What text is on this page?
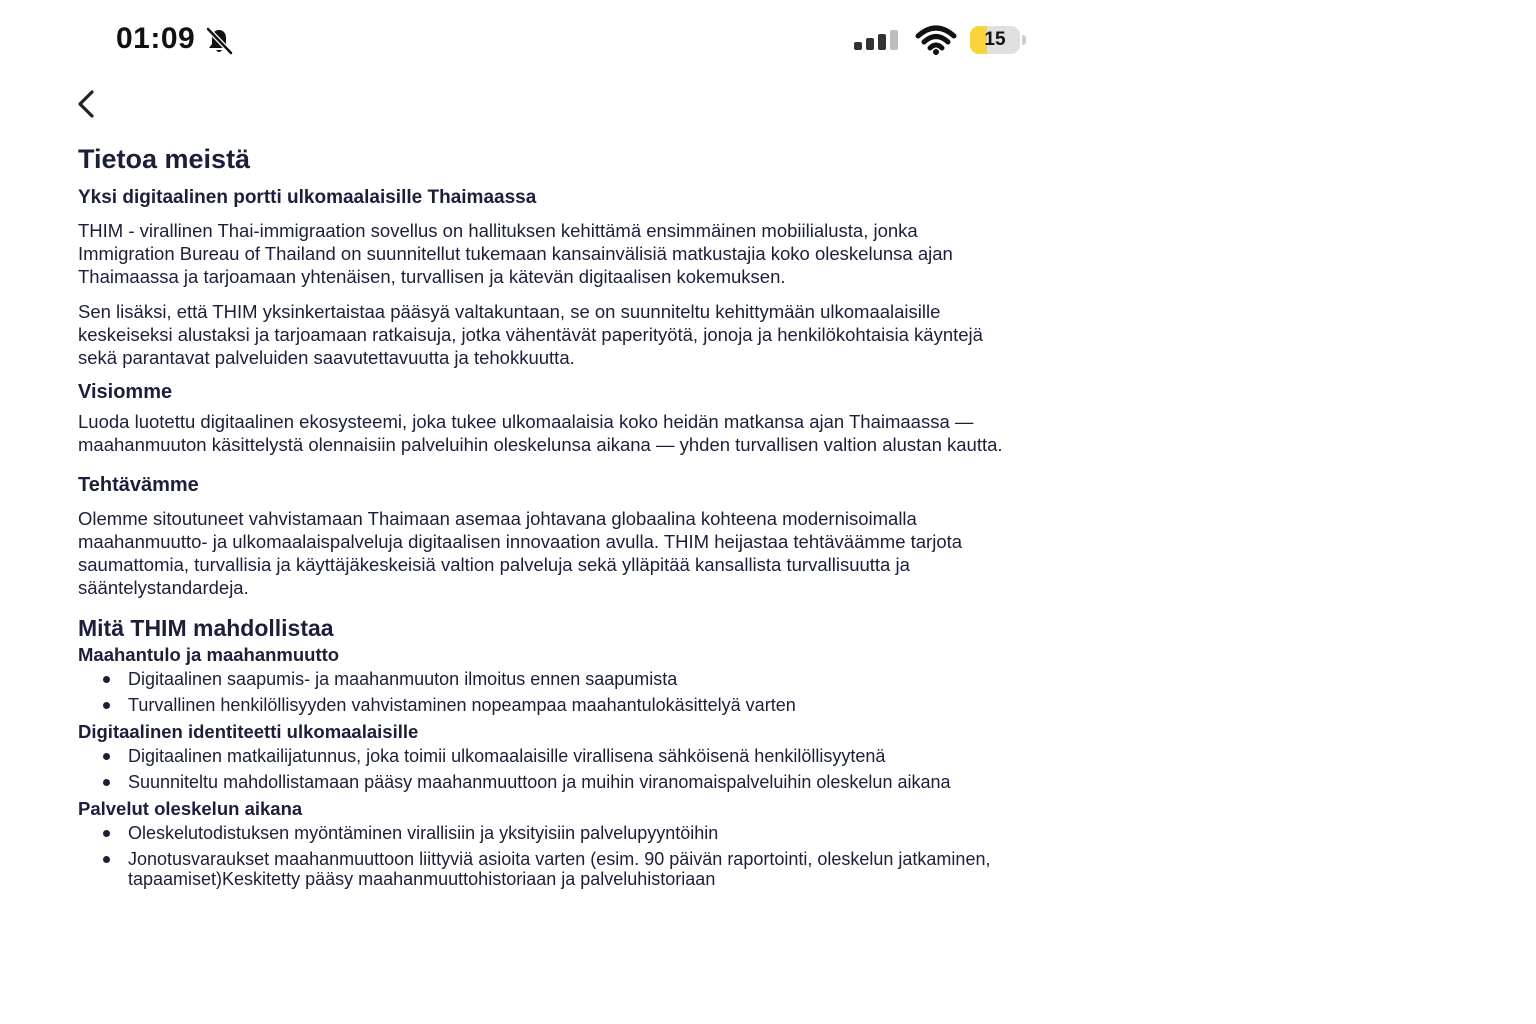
01:09	15
Tietoa meistä
Yksi digitaalinen portti ulkomaalaisille Thaimaassa

THIM - virallinen Thai-immigraation sovellus on hallituksen kehittämä ensimmäinen mobiilialusta, jonka Immigration Bureau of Thailand on suunnitellut tukemaan kansainvälisiä matkustajia koko oleskelunsa ajan Thaimaassa ja tarjoamaan yhtenäisen, turvallisen ja kätevän digitaalisen kokemuksen.

Sen lisäksi, että THIM yksinkertaistaa pääsyä valtakuntaan, se on suunniteltu kehittymään ulkomaalaisille keskeiseksi alustaksi ja tarjoamaan ratkaisuja, jotka vähentävät paperityötä, jonoja ja henkilökohtaisia käyntejä sekä parantavat palveluiden saavutettavuutta ja tehokkuutta.

Visiomme

Luoda luotettu digitaalinen ekosysteemi, joka tukee ulkomaalaisia koko heidän matkansa ajan Thaimaassa — maahanmuuton käsittelystä olennaisiin palveluihin oleskelunsa aikana — yhden turvallisen valtion alustan kautta.

Tehtävämme

Olemme sitoutuneet vahvistamaan Thaimaan asemaa johtavana globaalina kohteena modernisoimalla maahanmuutto- ja ulkomaalaispalveluja digitaalisen innovaation avulla. THIM heijastaa tehtäväämme tarjota saumattomia, turvallisia ja käyttäjäkeskeisiä valtion palveluja sekä ylläpitää kansallista turvallisuutta ja sääntelystandardeja.

Mitä THIM mahdollistaa
Maahantulo ja maahanmuutto
Digitaalinen saapumis- ja maahanmuuton ilmoitus ennen saapumista
Turvallinen henkilöllisyyden vahvistaminen nopeampaa maahantulokäsittelyä varten
Digitaalinen identiteetti ulkomaalaisille
Digitaalinen matkailijatunnus, joka toimii ulkomaalaisille virallisena sähköisenä henkilöllisyytenä
Suunniteltu mahdollistamaan pääsy maahanmuuttoon ja muihin viranomaispalveluihin oleskelun aikana
Palvelut oleskelun aikana
Oleskelutodistuksen myöntäminen virallisiin ja yksityisiin palvelupyyntöihin
Jonotusvaraukset maahanmuuttoon liittyviä asioita varten (esim. 90 päivän raportointi, oleskelun jatkaminen, tapaamiset)Keskitetty pääsy maahanmuuttohistoriaan ja palveluhistoriaan
